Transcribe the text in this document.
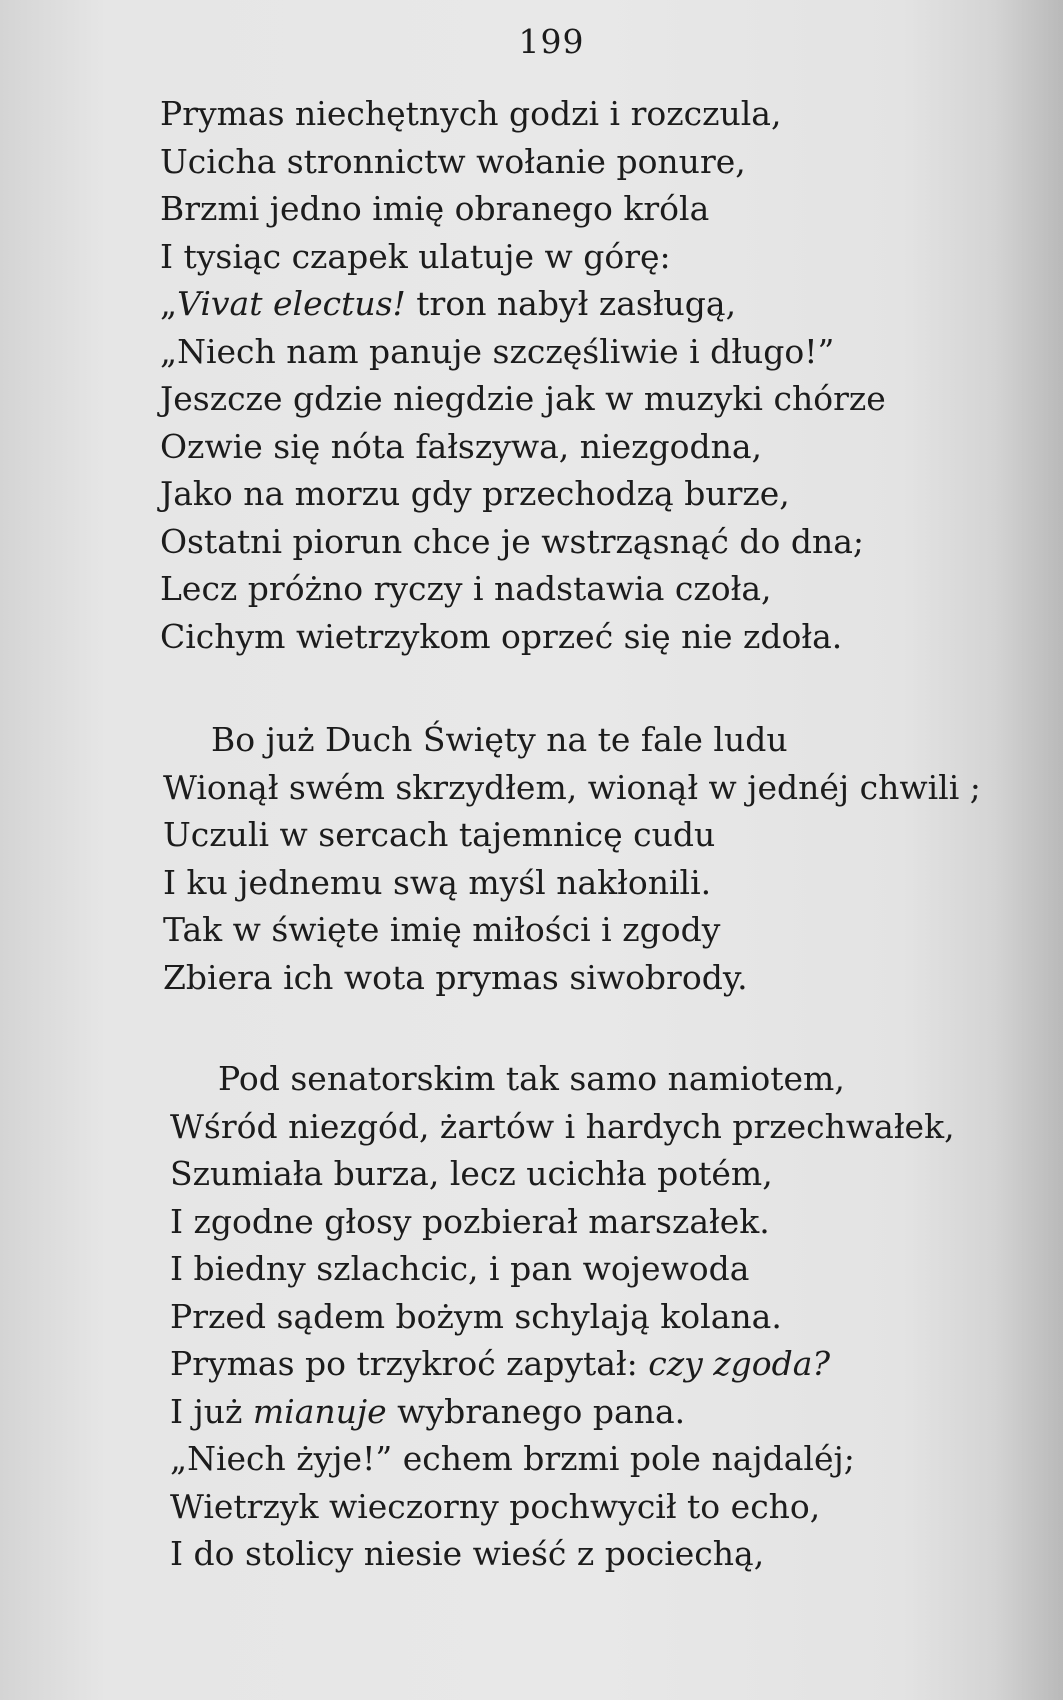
199
Prymas niechętnych godzi i rozczula,
Ucicha stronnictw wołanie ponure,
Brzmi jedno imię obranego króla
I tysiąc czapek ulatuje w górę:
„Vivat electus! tron nabył zasługą,
„Niech nam panuje szczęśliwie i długo!”
Jeszcze gdzie niegdzie jak w muzyki chórze
Ozwie się nóta fałszywa, niezgodna,
Jako na morzu gdy przechodzą burze,
Ostatni piorun chce je wstrząsnąć do dna;
Lecz próżno ryczy i nadstawia czoła,
Cichym wietrzykom oprzeć się nie zdoła.
Bo już Duch Święty na te fale ludu
Wionął swém skrzydłem, wionął w jednéj chwili ;
Uczuli w sercach tajemnicę cudu
I ku jednemu swą myśl nakłonili.
Tak w święte imię miłości i zgody
Zbiera ich wota prymas siwobrody.
Pod senatorskim tak samo namiotem,
Wśród niezgód, żartów i hardych przechwałek,
Szumiała burza, lecz ucichła potém,
I zgodne głosy pozbierał marszałek.
I biedny szlachcic, i pan wojewoda
Przed sądem bożym schylają kolana.
Prymas po trzykroć zapytał: czy zgoda?
I już mianuje wybranego pana.
„Niech żyje!” echem brzmi pole najdaléj;
Wietrzyk wieczorny pochwycił to echo,
I do stolicy niesie wieść z pociechą,
